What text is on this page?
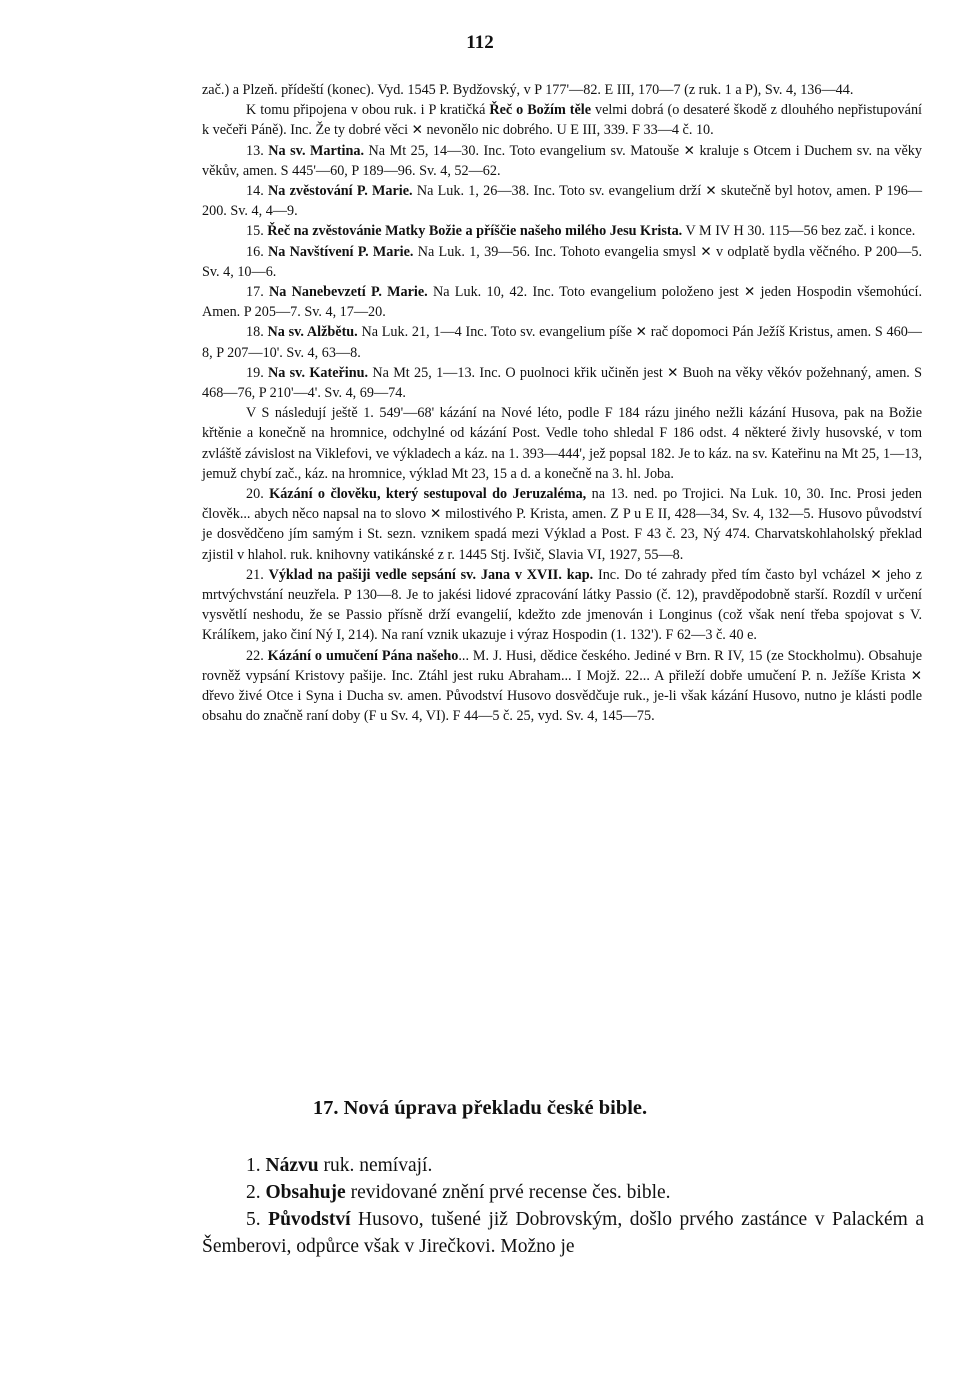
112

zač.) a Plzeň. přídeští (konec). Vyd. 1545 P. Bydžovský, v P 177'—82. E III, 170—7 (z ruk. 1 a P), Sv. 4, 136—44.

K tomu připojena v obou ruk. i P kratičká Řeč o Božím těle velmi dobrá (o desateré škodě z dlouhého nepřistupování k večeři Páně). Inc. Že ty dobré věci ✕ nevonělo nic dobrého. U E III, 339. F 33—4 č. 10.

13. Na sv. Martina. Na Mt 25, 14—30. Inc. Toto evangelium sv. Matouše ✕ kraluje s Otcem i Duchem sv. na věky věkův, amen. S 445'—60, P 189—96. Sv. 4, 52—62.

14. Na zvěstování P. Marie. Na Luk. 1, 26—38. Inc. Toto sv. evangelium drží ✕ skutečně byl hotov, amen. P 196—200. Sv. 4, 4—9.

15. Řeč na zvěstovánie Matky Božie a příščie našeho milého Jesu Krista. V M IV H 30. 115—56 bez zač. i konce.

16. Na Navštívení P. Marie. Na Luk. 1, 39—56. Inc. Tohoto evangelia smysl ✕ v odplatě bydla věčného. P 200—5. Sv. 4, 10—6.

17. Na Nanebevzetí P. Marie. Na Luk. 10, 42. Inc. Toto evangelium položeno jest ✕ jeden Hospodin všemohúcí. Amen. P 205—7. Sv. 4, 17—20.

18. Na sv. Alžbětu. Na Luk. 21, 1—4 Inc. Toto sv. evangelium píše ✕ rač dopomoci Pán Ježíš Kristus, amen. S 460—8, P 207—10'. Sv. 4, 63—8.

19. Na sv. Kateřinu. Na Mt 25, 1—13. Inc. O puolnoci křik učiněn jest ✕ Buoh na věky věkóv požehnaný, amen. S 468—76, P 210'—4'. Sv. 4, 69—74.

V S následují ještě 1. 549'—68' kázání na Nové léto, podle F 184 rázu jiného nežli kázání Husova, pak na Božie křtěnie a konečně na hromnice, odchylné od kázání Post. Vedle toho shledal F 186 odst. 4 některé živly husovské, v tom zvláště závislost na Viklefovi, ve výkladech a káz. na 1. 393—444', jež popsal 182. Je to káz. na sv. Kateřinu na Mt 25, 1—13, jemuž chybí zač., káz. na hromnice, výklad Mt 23, 15 a d. a konečně na 3. hl. Joba.

20. Kázání o člověku, který sestupoval do Jeruzaléma, na 13. ned. po Trojici. Na Luk. 10, 30. Inc. Prosi jeden člověk... abych něco napsal na to slovo ✕ milostivého P. Krista, amen. Z P u E II, 428—34, Sv. 4, 132—5. Husovo původství je dosvědčeno jím samým i St. sezn. vznikem spadá mezi Výklad a Post. F 43 č. 23, Ný 474. Charvatskohlaholský překlad zjistil v hlahol. ruk. knihovny vatikánské z r. 1445 Stj. Ivšič, Slavia VI, 1927, 55—8.

21. Výklad na pašiji vedle sepsání sv. Jana v XVII. kap. Inc. Do té zahrady před tím často byl vcházel ✕ jeho z mrtvýchvstání neuzřela. P 130—8. Je to jakési lidové zpracování látky Passio (č. 12), pravděpodobně starší. Rozdíl v určení vysvětlí neshodu, že se Passio přísně drží evangelií, kdežto zde jmenován i Longinus (což však není třeba spojovat s V. Králíkem, jako činí Ný I, 214). Na raní vznik ukazuje i výraz Hospodin (1. 132'). F 62—3 č. 40 e.

22. Kázání o umučení Pána našeho... M. J. Husi, dědice českého. Jediné v Brn. R IV, 15 (ze Stockholmu). Obsahuje rovněž vypsání Kristovy pašije. Inc. Ztáhl jest ruku Abraham... I Mojž. 22... A přileží dobře umučení P. n. Ježíše Krista ✕ dřevo živé Otce i Syna i Ducha sv. amen. Původství Husovo dosvědčuje ruk., je-li však kázání Husovo, nutno je klásti podle obsahu do značně raní doby (F u Sv. 4, VI). F 44—5 č. 25, vyd. Sv. 4, 145—75.

17. Nová úprava překladu české bible.

1. Názvu ruk. nemívají.

2. Obsahuje revidované znění prvé recense čes. bible.

5. Původství Husovo, tušené již Dobrovským, došlo prvého zastánce v Palackém a Šemberovi, odpůrce však v Jirečkovi. Možno je
